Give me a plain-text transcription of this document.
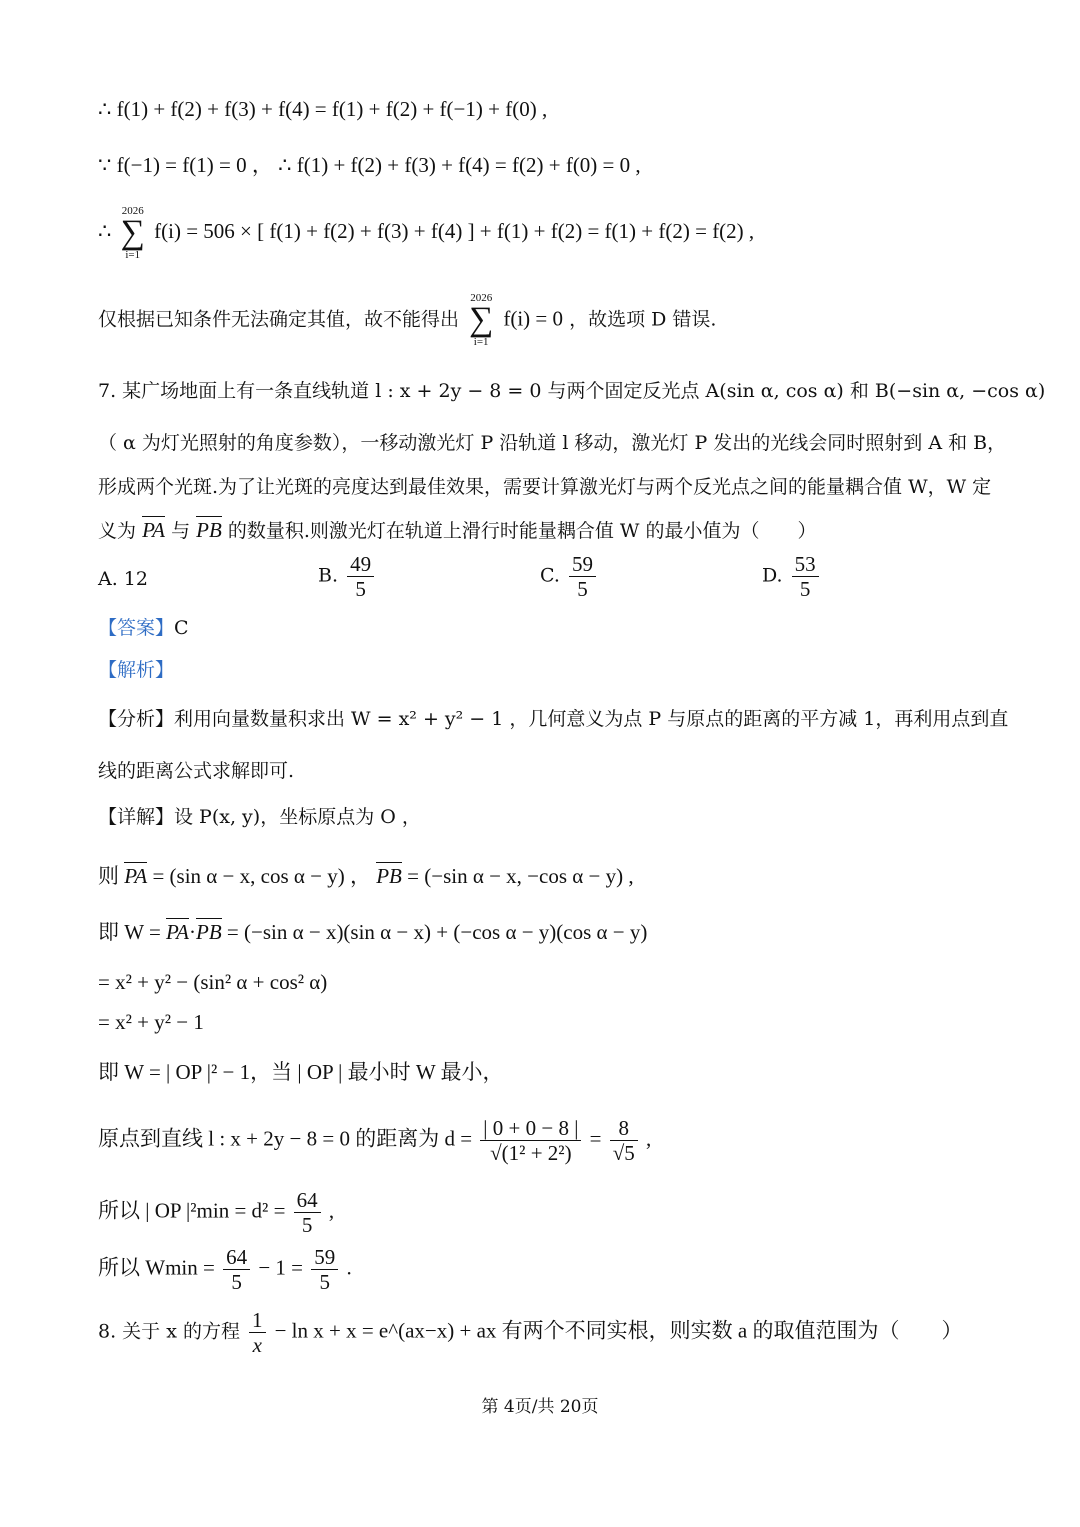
∴ f(1) + f(2) + f(3) + f(4) = f(1) + f(2) + f(−1) + f(0) ,
∵ f(−1) = f(1) = 0 ， ∴ f(1) + f(2) + f(3) + f(4) = f(2) + f(0) = 0 ,
∴
2026
∑
i=1
f(i) = 506 × [ f(1) + f(2) + f(3) + f(4) ] + f(1) + f(2) = f(1) + f(2) = f(2) ,
仅根据已知条件无法确定其值，故不能得出
2026
∑
i=1
f(i) = 0 ，故选项 D 错误.
7. 某广场地面上有一条直线轨道 l : x + 2y − 8 = 0 与两个固定反光点 A(sin α, cos α) 和 B(−sin α, −cos α)
（ α 为灯光照射的角度参数），一移动激光灯 P 沿轨道 l 移动，激光灯 P 发出的光线会同时照射到 A 和 B，
形成两个光斑.为了让光斑的亮度达到最佳效果，需要计算激光灯与两个反光点之间的能量耦合值 W，W 定
义为 PA 与 PB 的数量积.则激光灯在轨道上滑行时能量耦合值 W 的最小值为（　　）
A. 12	B. $\frac{49}{5}$	C. $\frac{59}{5}$	D. $\frac{53}{5}$
【答案】C
【解析】
【分析】利用向量数量积求出 W = x² + y² − 1 ，几何意义为点 P 与原点的距离的平方减 1，再利用点到直
线的距离公式求解即可.
【详解】设 P(x, y)，坐标原点为 O ，
则 PA = (sin α − x, cos α − y) ， PB = (−sin α − x, −cos α − y) ,
即 W = PA·PB = (−sin α − x)(sin α − x) + (−cos α − y)(cos α − y)
= x² + y² − (sin² α + cos² α)
= x² + y² − 1
即 W = | OP |² − 1，当 | OP | 最小时 W 最小，
原点到直线 l : x + 2y − 8 = 0 的距离为 $d = \frac{| 0 + 0 - 8 |}{\text{√(1² + 2²)}} = \frac{8}{√5}$ ,
所以 | OP $|^2\min = d^2 = \frac{64}{5}$ ,
所以 $Wmin = \frac{64}{5} - 1 = \frac{59}{5}$ .
8. 关于 x 的方程 $\frac{1}{x} - \ln x + x$ = e^(ax−x) + ax 有两个不同实根，则实数 a 的取值范围为（　　）
第 4页/共 20页
